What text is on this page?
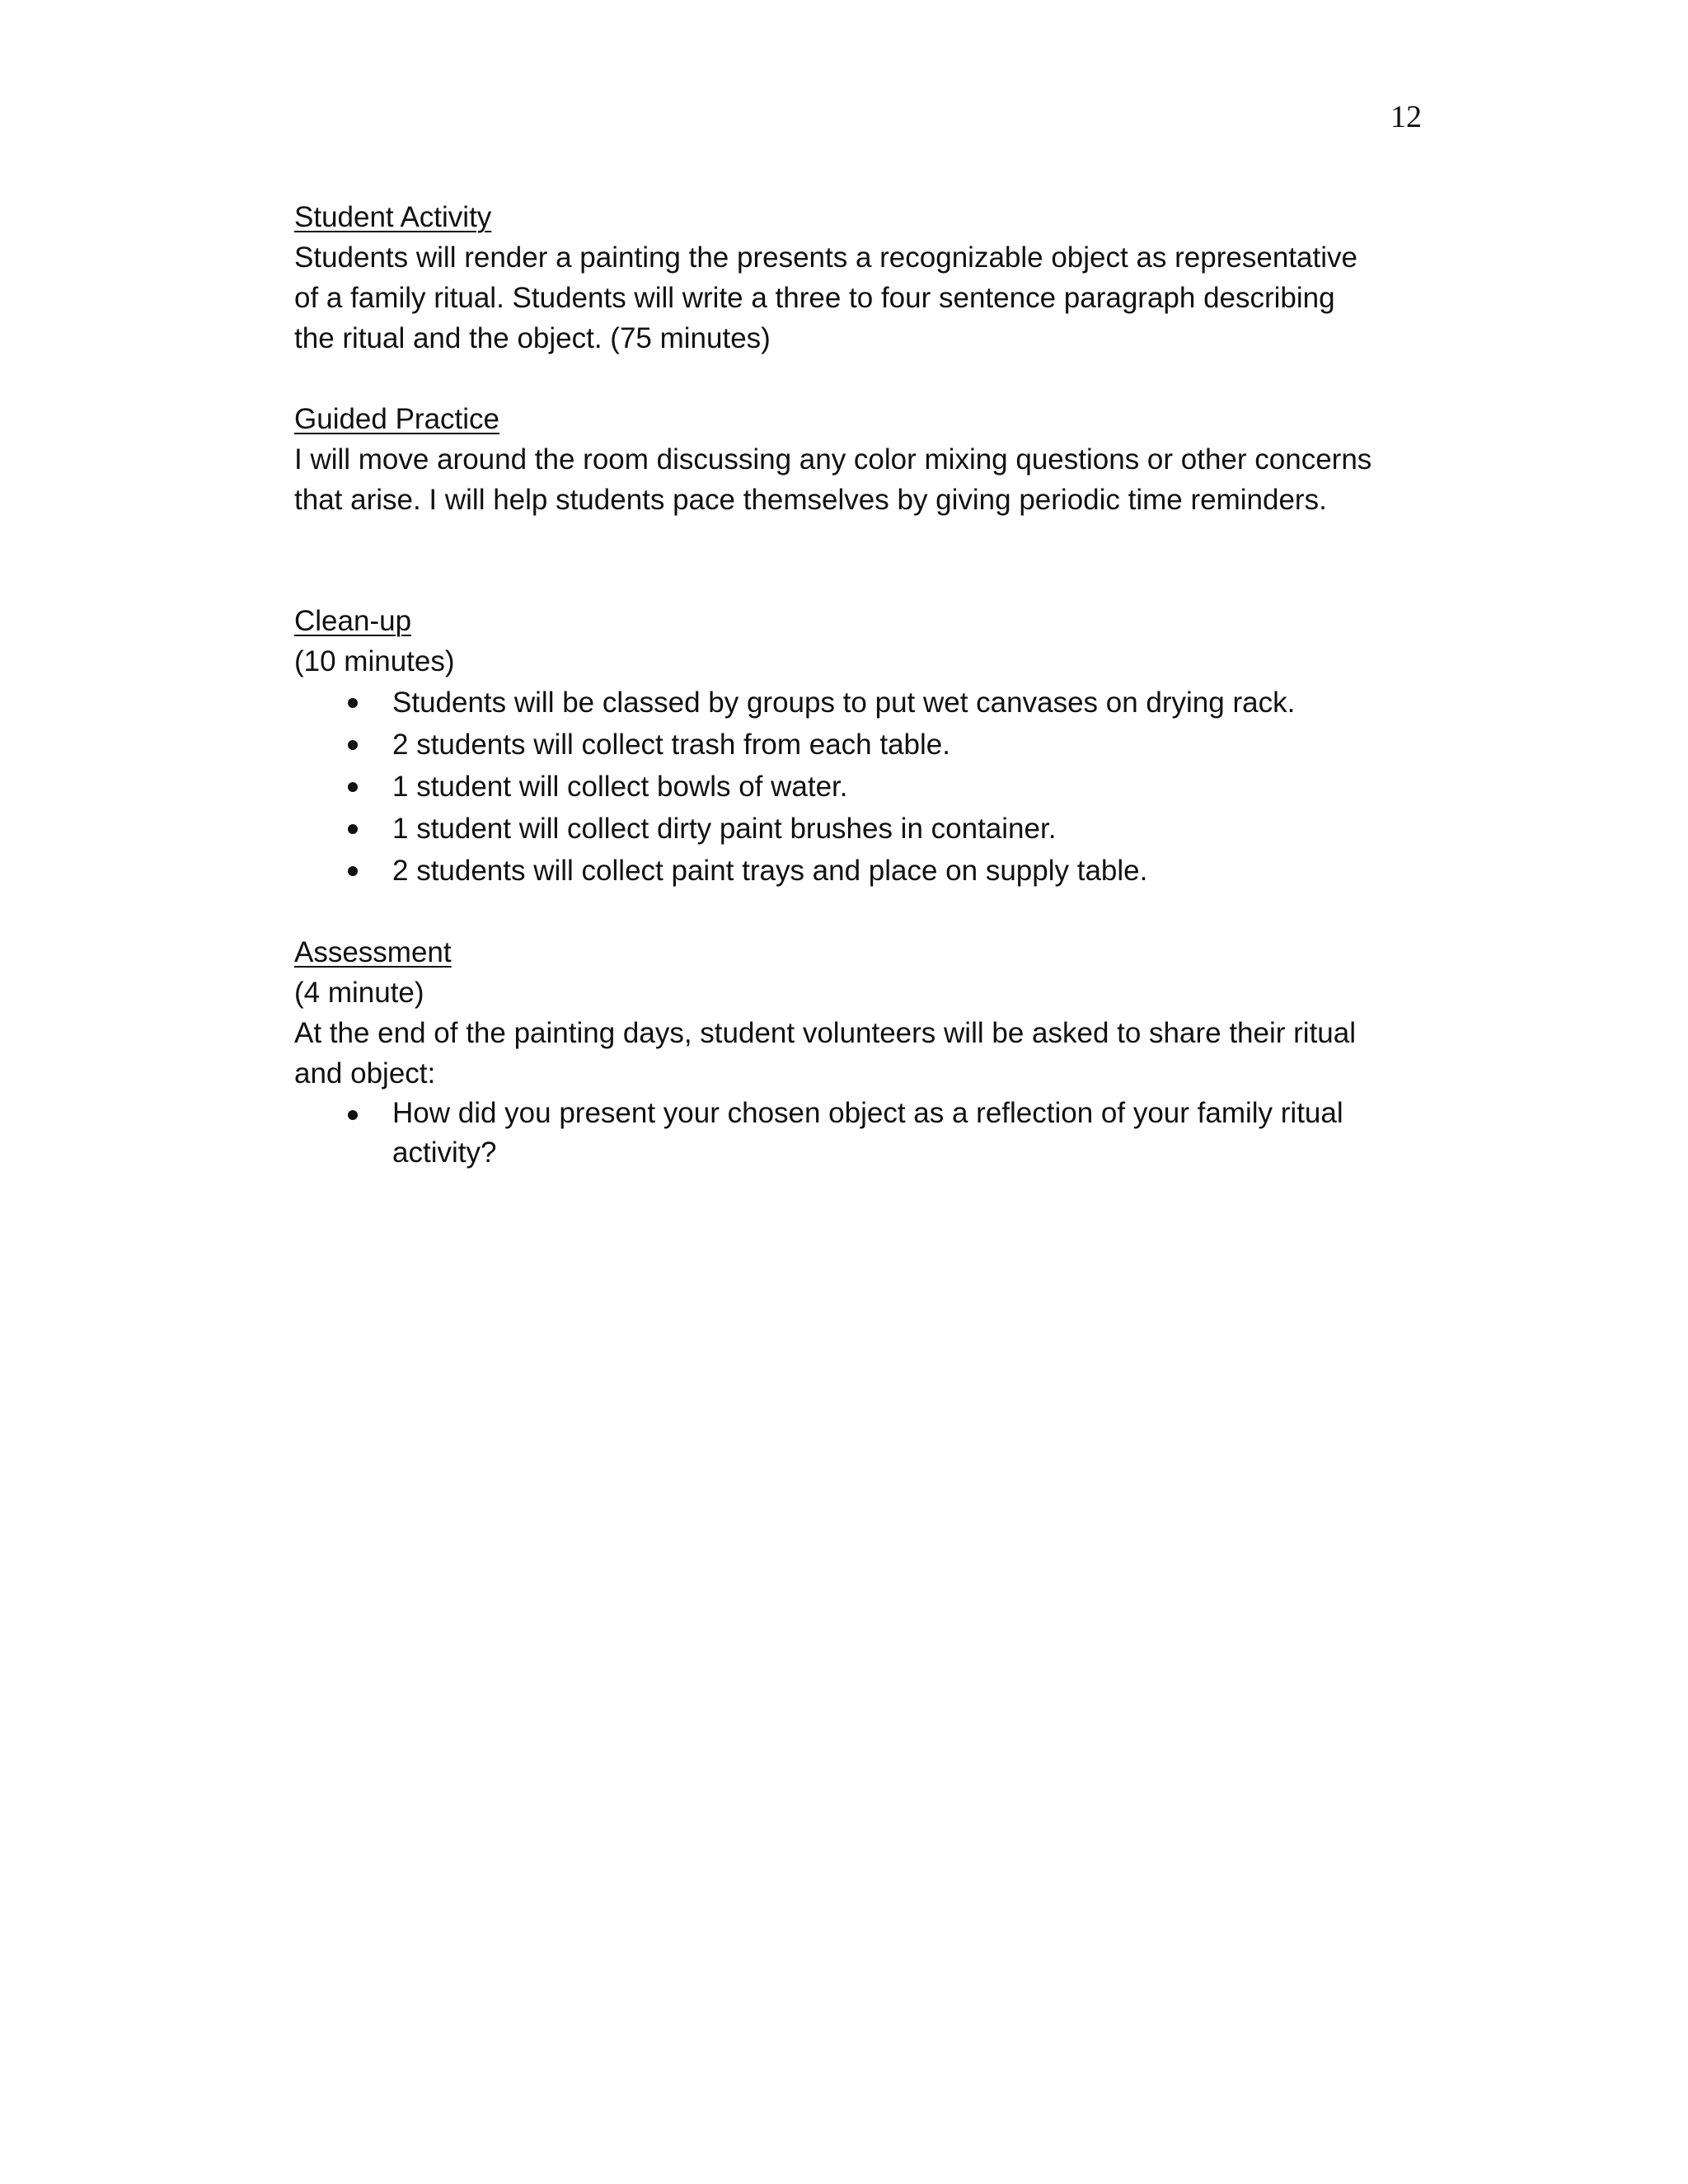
12

Student Activity

Students will render a painting the presents a recognizable object as representative

of a family ritual. Students will write a three to four sentence paragraph describing

the ritual and the object. (75 minutes)

Guided Practice

I will move around the room discussing any color mixing questions or other concerns

that arise. I will help students pace themselves by giving periodic time reminders.

Clean-up

(10 minutes)

Students will be classed by groups to put wet canvases on drying rack.
2 students will collect trash from each table.
1 student will collect bowls of water.
1 student will collect dirty paint brushes in container.
2 students will collect paint trays and place on supply table.

Assessment

(4 minute)

At the end of the painting days, student volunteers will be asked to share their ritual

and object:

How did you present your chosen object as a reflection of your family ritual
activity?
